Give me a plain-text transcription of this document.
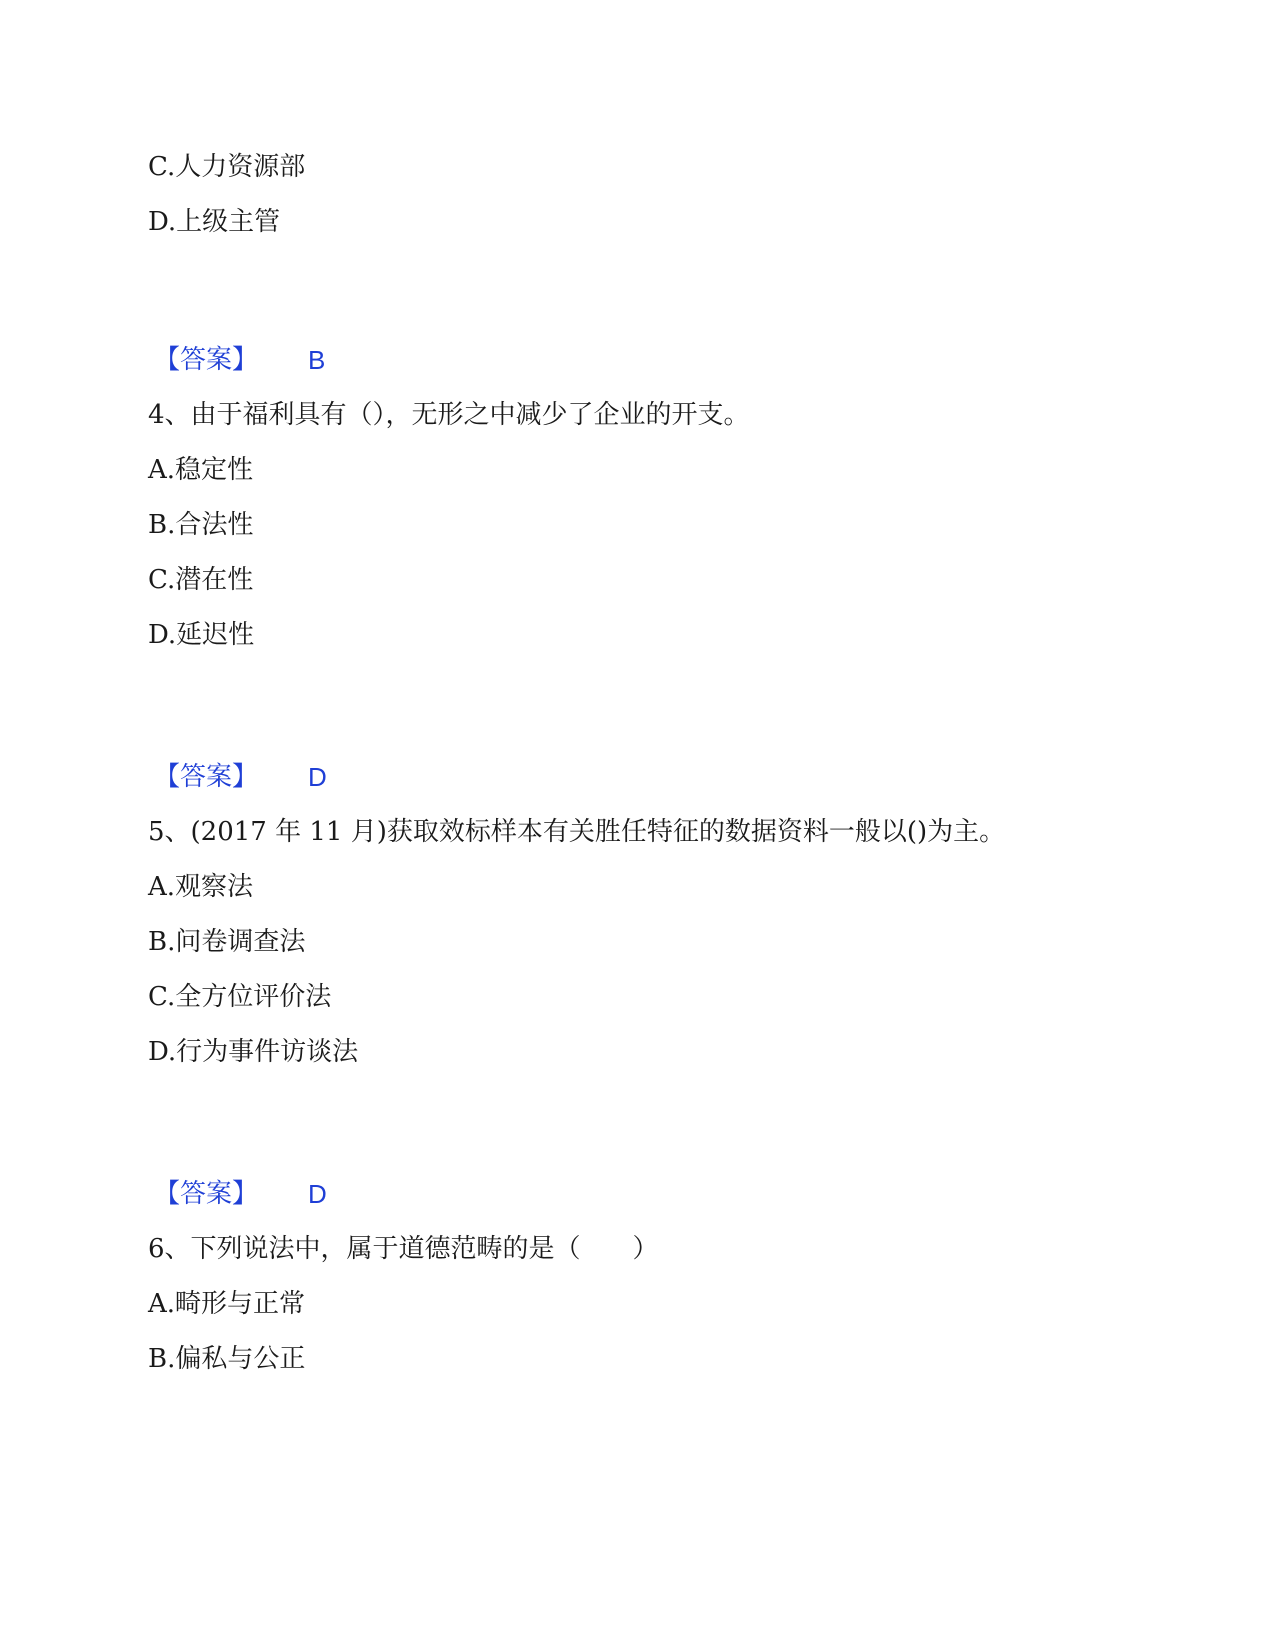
C.人力资源部
D.上级主管
【答案】 B
4、由于福利具有（），无形之中减少了企业的开支。
A.稳定性
B.合法性
C.潜在性
D.延迟性
【答案】 D
5、(2017 年 11 月)获取效标样本有关胜任特征的数据资料一般以()为主。
A.观察法
B.问卷调查法
C.全方位评价法
D.行为事件访谈法
【答案】 D
6、下列说法中，属于道德范畴的是（　　）
A.畸形与正常
B.偏私与公正
